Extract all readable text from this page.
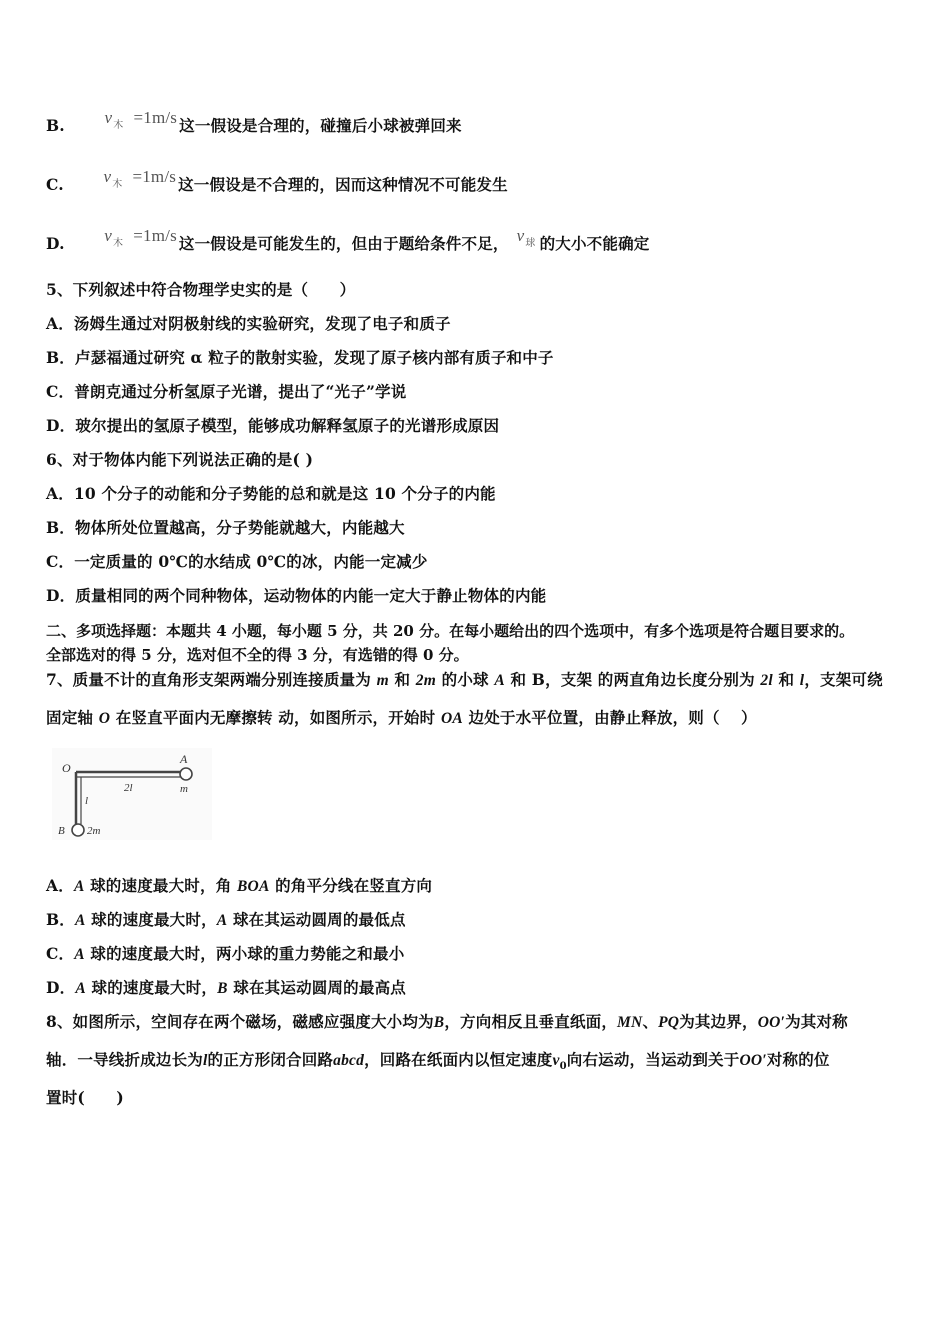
B. $v_木 =1m/s$ 这一假设是合理的，碰撞后小球被弹回来
C. $v_木 =1m/s$ 这一假设是不合理的，因而这种情况不可能发生
D. $v_木 =1m/s$ 这一假设是可能发生的，但由于题给条件不足， $v_球$ 的大小不能确定
5、下列叙述中符合物理学史实的是（　　）
A．汤姆生通过对阴极射线的实验研究，发现了电子和质子
B．卢瑟福通过研究 α 粒子的散射实验，发现了原子核内部有质子和中子
C．普朗克通过分析氢原子光谱，提出了“光子”学说
D．玻尔提出的氢原子模型，能够成功解释氢原子的光谱形成原因
6、对于物体内能下列说法正确的是( )
A．10 个分子的动能和分子势能的总和就是这 10 个分子的内能
B．物体所处位置越高，分子势能就越大，内能越大
C．一定质量的 0℃的水结成 0℃的冰，内能一定减少
D．质量相同的两个同种物体，运动物体的内能一定大于静止物体的内能
二、多项选择题：本题共 4 小题，每小题 5 分，共 20 分。在每小题给出的四个选项中，有多个选项是符合题目要求的。
全部选对的得 5 分，选对但不全的得 3 分，有选错的得 0 分。
7、质量不计的直角形支架两端分别连接质量为 m 和 2m 的小球 A 和 B，支架 的两直角边长度分别为 2l 和 l，支架可绕
固定轴 O 在竖直平面内无摩擦转 动，如图所示，开始时 OA 边处于水平位置，由静止释放，则（　 ）
O
A
m
2l
l
B 2m
A．A 球的速度最大时，角 BOA 的角平分线在竖直方向
B．A 球的速度最大时，A 球在其运动圆周的最低点
C．A 球的速度最大时，两小球的重力势能之和最小
D．A 球的速度最大时，B 球在其运动圆周的最高点
8、如图所示，空间存在两个磁场，磁感应强度大小均为B，方向相反且垂直纸面，MN、PQ为其边界，OO′为其对称
轴．一导线折成边长为l的正方形闭合回路abcd，回路在纸面内以恒定速度$v_0$向右运动，当运动到关于OO′对称的位
置时(　　)
